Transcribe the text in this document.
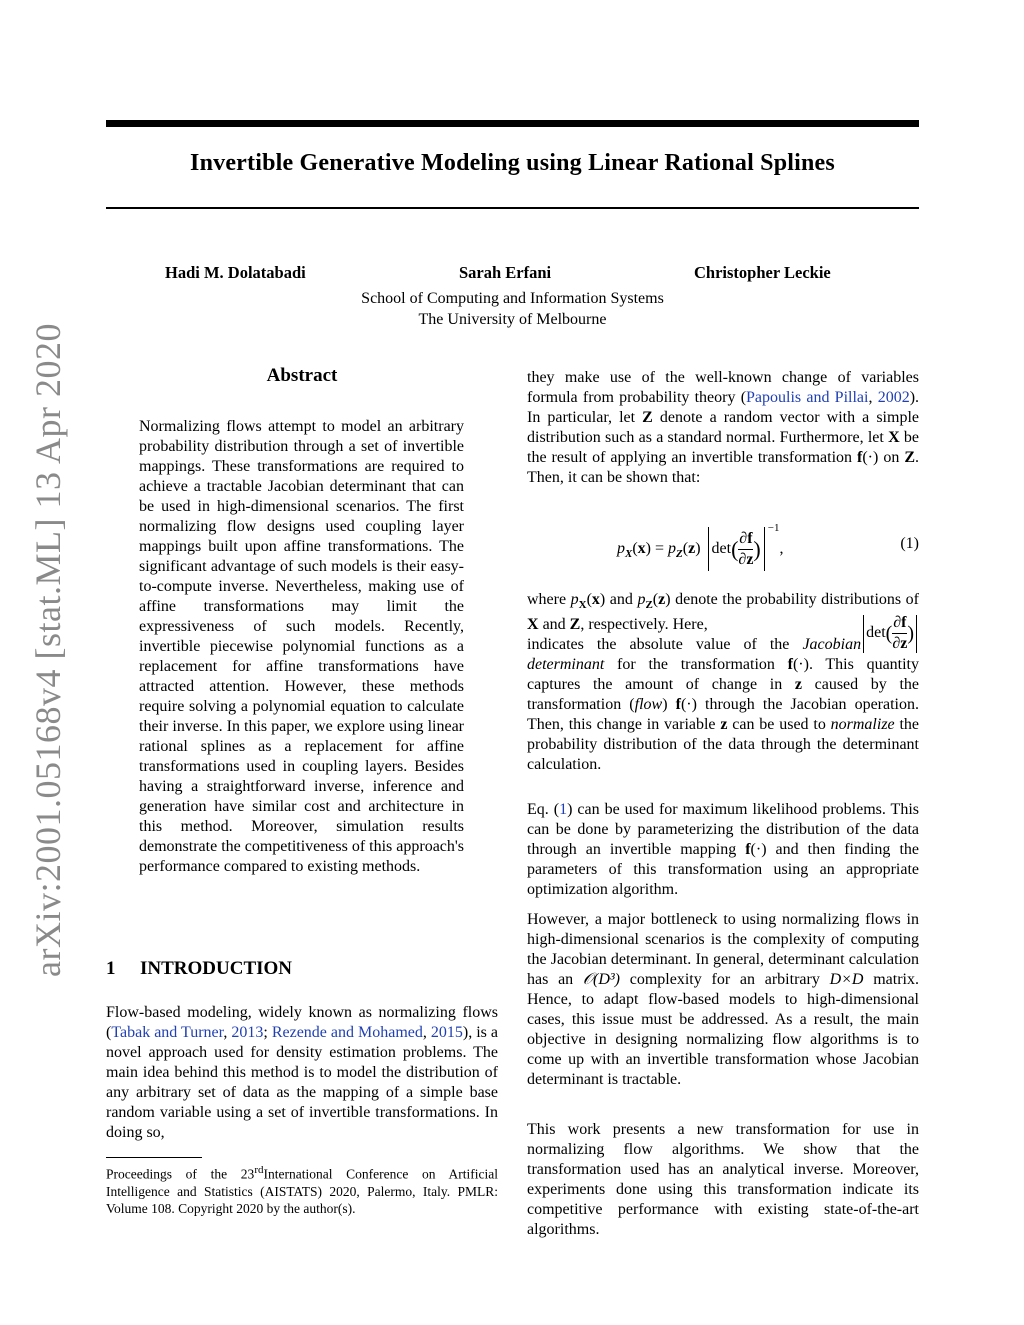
Invertible Generative Modeling using Linear Rational Splines
Hadi M. Dolatabadi	Sarah Erfani	Christopher Leckie
School of Computing and Information Systems
The University of Melbourne
arXiv:2001.05168v4 [stat.ML] 13 Apr 2020	Abstract
Normalizing flows attempt to model an arbitrary probability distribution through a set of invertible mappings. These transformations are required to achieve a tractable Jacobian determinant that can be used in high-dimensional scenarios. The first normalizing flow designs used coupling layer mappings built upon affine transformations. The significant advantage of such models is their easy-to-compute inverse. Nevertheless, making use of affine transformations may limit the expressiveness of such models. Recently, invertible piecewise polynomial functions as a replacement for affine transformations have attracted attention. However, these methods require solving a polynomial equation to calculate their inverse. In this paper, we explore using linear rational splines as a replacement for affine transformations used in coupling layers. Besides having a straightforward inverse, inference and generation have similar cost and architecture in this method. Moreover, simulation results demonstrate the competitiveness of this approach's performance compared to existing methods.
1 INTRODUCTION
Flow-based modeling, widely known as normalizing flows (Tabak and Turner, 2013; Rezende and Mohamed, 2015), is a novel approach used for density estimation problems. The main idea behind this method is to model the distribution of any arbitrary set of data as the mapping of a simple base random variable using a set of invertible transformations. In doing so,
Proceedings of the 23rdInternational Conference on Artificial Intelligence and Statistics (AISTATS) 2020, Palermo, Italy. PMLR: Volume 108. Copyright 2020 by the author(s).
they make use of the well-known change of variables formula from probability theory (Papoulis and Pillai, 2002). In particular, let Z denote a random vector with a simple distribution such as a standard normal. Furthermore, let X be the result of applying an invertible transformation f(·) on Z. Then, it can be shown that:
$p_X(x) = p_Z(z)$ $\det( \frac{\partial f}{\partial z} )^{-1}$,	(1)
where $p_X(x)$ and $p_Z(z)$ denote the probability distributions of X and Z, respectively. Here,	$\det( \frac{\partial f}{\partial z}$ )

indicates the absolute value of the Jacobian determinant for the transformation f(·). This quantity captures the amount of change in z caused by the transformation (flow) f(·) through the Jacobian operation. Then, this change in variable z can be used to normalize the probability distribution of the data through the determinant calculation.
Eq. (1) can be used for maximum likelihood problems. This can be done by parameterizing the distribution of the data through an invertible mapping f(·) and then finding the parameters of this transformation using an appropriate optimization algorithm.
However, a major bottleneck to using normalizing flows in high-dimensional scenarios is the complexity of computing the Jacobian determinant. In general, determinant calculation has an 𝒪(D³) complexity for an arbitrary D×D matrix. Hence, to adapt flow-based models to high-dimensional cases, this issue must be addressed. As a result, the main objective in designing normalizing flow algorithms is to come up with an invertible transformation whose Jacobian determinant is tractable.
This work presents a new transformation for use in normalizing flow algorithms. We show that the transformation used has an analytical inverse. Moreover, experiments done using this transformation indicate its competitive performance with existing state-of-the-art algorithms.
